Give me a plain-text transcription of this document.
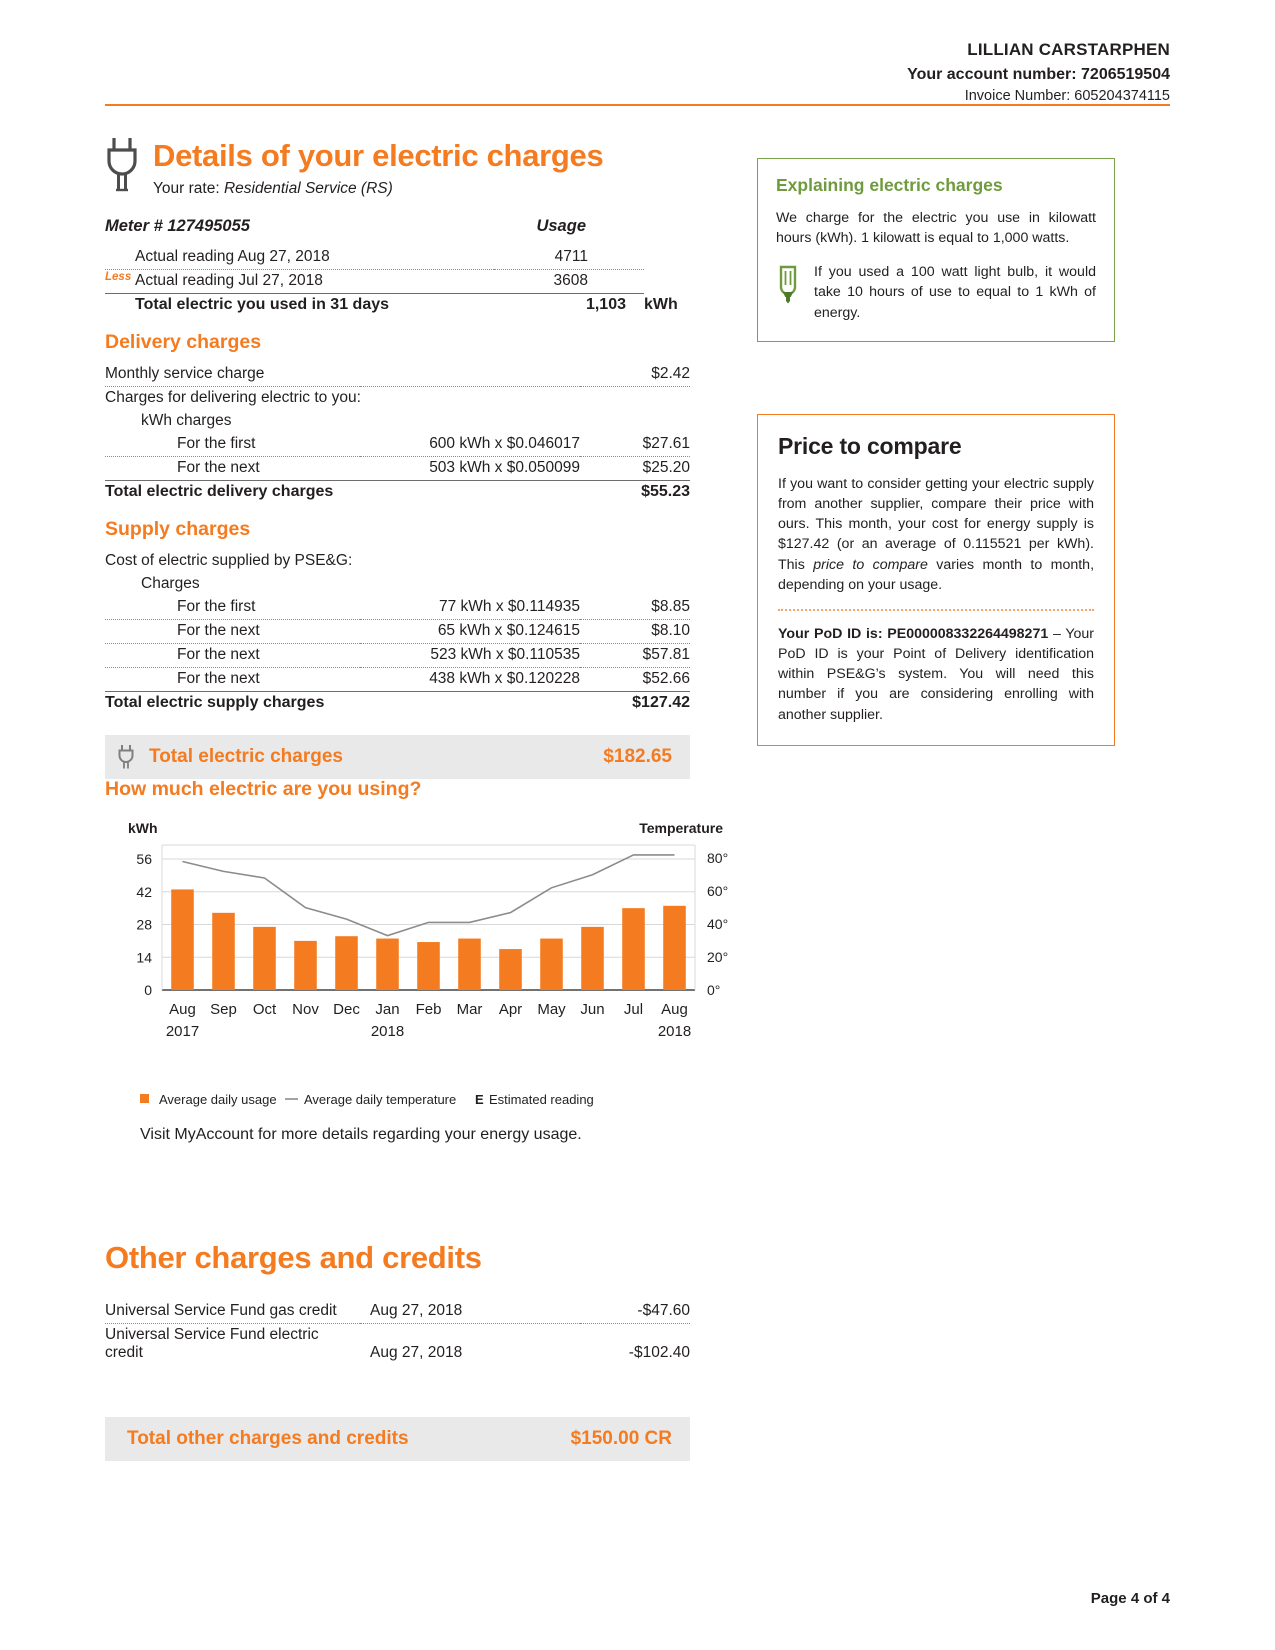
LILLIAN CARSTARPHEN
Your account number: 7206519504
Invoice Number: 605204374115
Details of your electric charges
Your rate: Residential Service (RS)
Meter # 127495055	Usage
Less
Actual reading Aug 27, 2018	4711	
Actual reading Jul 27, 2018	3608	
Total electric you used in 31 days	1,103	kWh
Delivery charges
Monthly service charge		$2.42
Charges for delivering electric to you:		
kWh charges		
For the first	600 kWh x $0.046017	$27.61
For the next	503 kWh x $0.050099	$25.20
Total electric delivery charges		$55.23
Supply charges
Cost of electric supplied by PSE&G:		
Charges		
For the first	77 kWh x $0.114935	$8.85
For the next	65 kWh x $0.124615	$8.10
For the next	523 kWh x $0.110535	$57.81
For the next	438 kWh x $0.120228	$52.66
Total electric supply charges		$127.42
Total electric charges	$182.65
Explaining electric charges

We charge for the electric you use in kilowatt hours (kWh). 1 kilowatt is equal to 1,000 watts.

If you used a 100 watt light bulb, it would take 10 hours of use to equal to 1 kWh of energy.

Price to compare

If you want to consider getting your electric supply from another supplier, compare their price with ours. This month, your cost for energy supply is $127.42 (or an average of 0.115521 per kWh). This price to compare varies month to month, depending on your usage.

Your PoD ID is: PE000008332264498271 – Your PoD ID is your Point of Delivery identification within PSE&G’s system. You will need this number if you are considering enrolling with another supplier.

How much electric are you using?
0
14
28
42
56
0°
20°
40°
60°
80°
kWh	Temperature
Aug Sep Oct Nov Dec Jan Feb Mar Apr May Jun Jul Aug
2017	2018	2018
Average daily usage Average daily temperature E Estimated reading
Visit MyAccount for more details regarding your energy usage.
Other charges and credits
Universal Service Fund gas credit	Aug 27, 2018	-$47.60
Universal Service Fund electric credit	Aug 27, 2018	-$102.40
Total other charges and credits	$150.00 CR
Page 4 of 4
